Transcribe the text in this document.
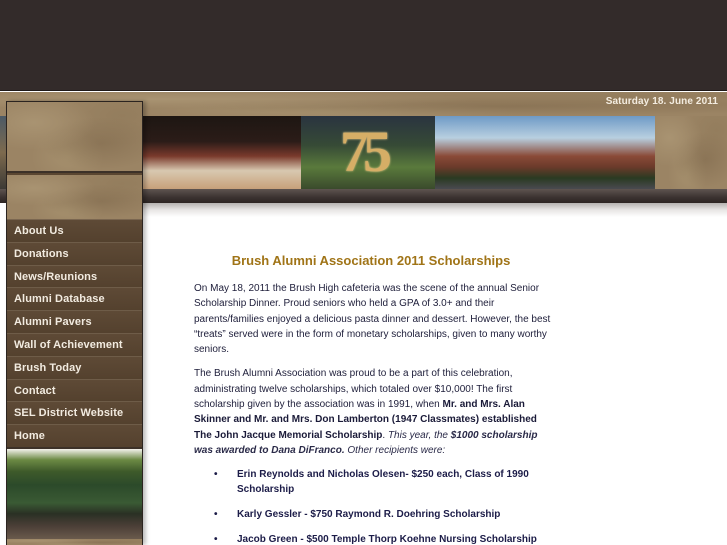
Saturday 18. June 2011
75
About Us
Donations
News/Reunions
Alumni Database
Alumni Pavers
Wall of Achievement
Brush Today
Contact
SEL District Website
Home
Brush Alumni Association 2011 Scholarships

On May 18, 2011 the Brush High cafeteria was the scene of the annual Senior Scholarship Dinner. Proud seniors who held a GPA of 3.0+ and their parents/families enjoyed a delicious pasta dinner and dessert. However, the best “treats” served were in the form of monetary scholarships, given to many worthy seniors.

The Brush Alumni Association was proud to be a part of this celebration, administrating twelve scholarships, which totaled over $10,000! The first scholarship given by the association was in 1991, when Mr. and Mrs. Alan Skinner and Mr. and Mrs. Don Lamberton (1947 Classmates) established The John Jacque Memorial Scholarship. This year, the $1000 scholarship was awarded to Dana DiFranco. Other recipients were:

• Erin Reynolds and Nicholas Olesen- $250 each, Class of 1990 Scholarship
• Karly Gessler - $750 Raymond R. Doehring Scholarship
• Jacob Green - $500 Temple Thorp Koehne Nursing Scholarship
